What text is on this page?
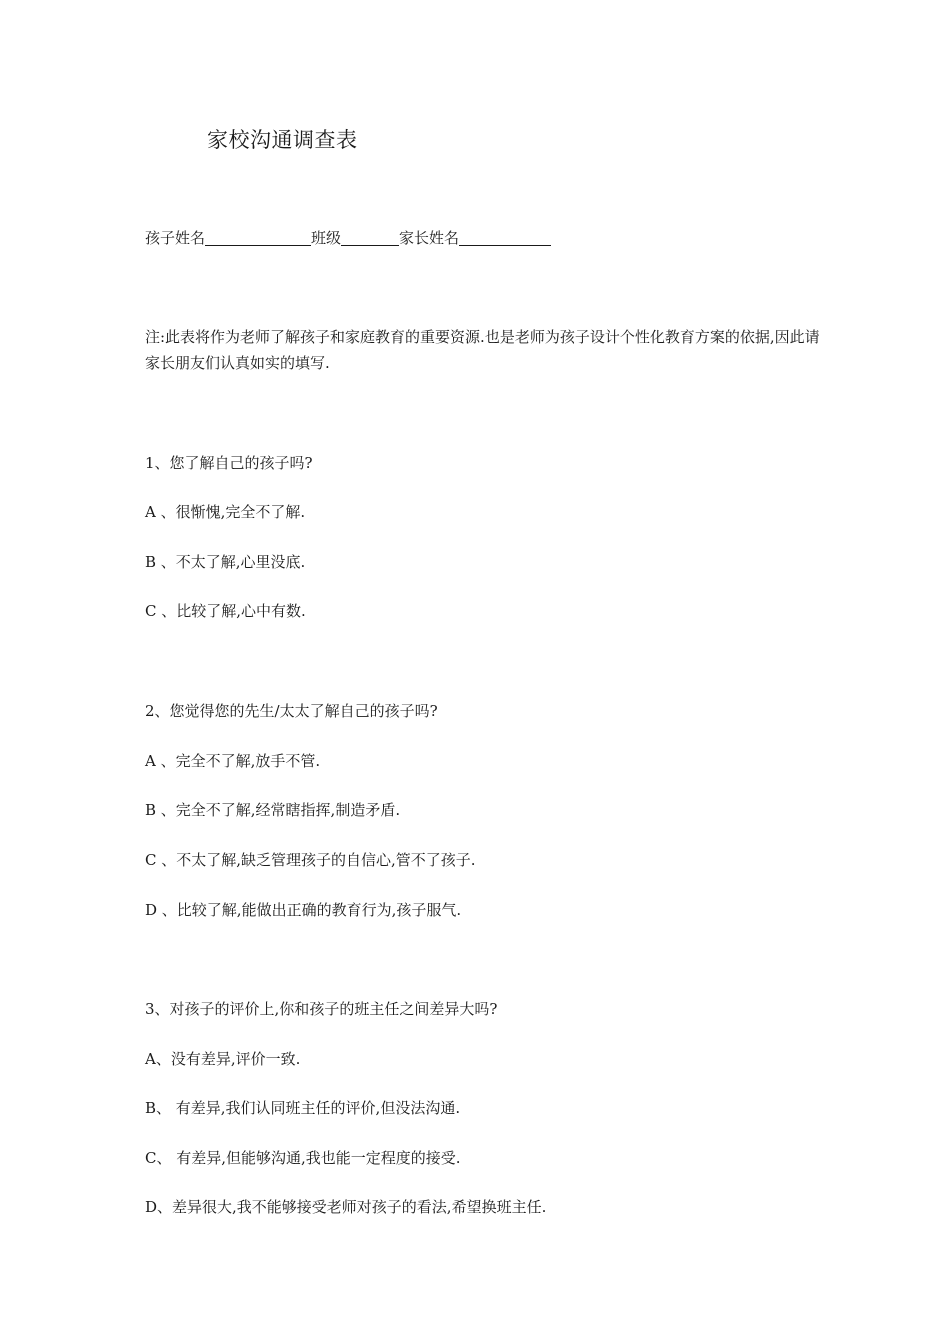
家校沟通调查表
孩子姓名	班级	家长姓名
注:此表将作为老师了解孩子和家庭教育的重要资源.也是老师为孩子设计个性化教育方案的依据,因此请家长朋友们认真如实的填写.
1、您了解自己的孩子吗?
A 、很惭愧,完全不了解.
B 、不太了解,心里没底.
C 、比较了解,心中有数.
2、您觉得您的先生/太太了解自己的孩子吗?
A 、完全不了解,放手不管.
B 、完全不了解,经常瞎指挥,制造矛盾.
C 、不太了解,缺乏管理孩子的自信心,管不了孩子.
D 、比较了解,能做出正确的教育行为,孩子服气.
3、对孩子的评价上,你和孩子的班主任之间差异大吗?
A、没有差异,评价一致.
B、 有差异,我们认同班主任的评价,但没法沟通.
C、 有差异,但能够沟通,我也能一定程度的接受.
D、差异很大,我不能够接受老师对孩子的看法,希望换班主任.
